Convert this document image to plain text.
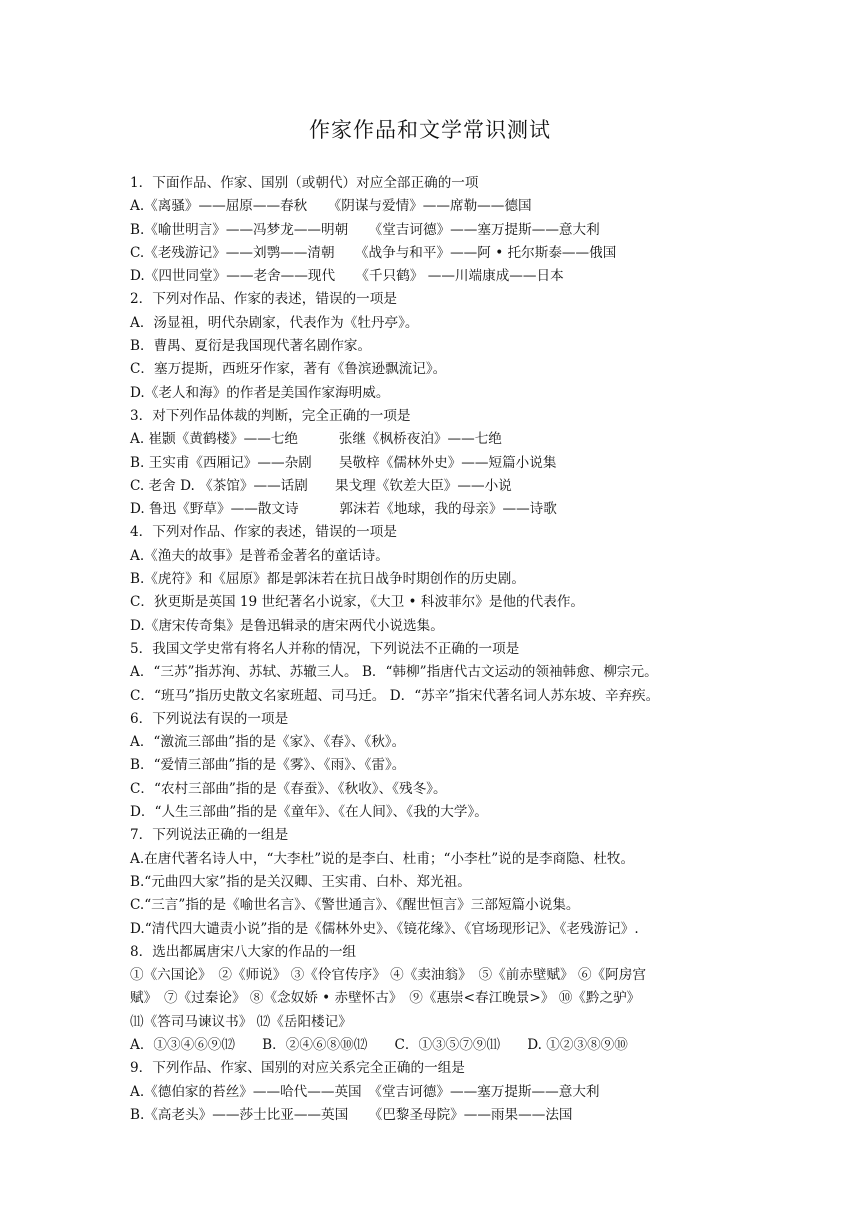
作家作品和文学常识测试
1．下面作品、作家、国别（或朝代）对应全部正确的一项
A.《离骚》——屈原——春秋　　《阴谋与爱情》——席勒——德国
B.《喻世明言》——冯梦龙——明朝　　《堂吉诃德》——塞万提斯——意大利
C.《老残游记》——刘鹗——清朝　　《战争与和平》——阿 • 托尔斯泰——俄国
D.《四世同堂》——老舍——现代　　《千只鹤》 ——川端康成——日本
2．下列对作品、作家的表述，错误的一项是
A．汤显祖，明代杂剧家，代表作为《牡丹亭》。
B．曹禺、夏衍是我国现代著名剧作家。
C．塞万提斯，西班牙作家，著有《鲁滨逊飘流记》。
D.《老人和海》的作者是美国作家海明威。
3．对下列作品体裁的判断，完全正确的一项是
A. 崔颢《黄鹤楼》——七绝　　　张继《枫桥夜泊》——七绝
B. 王实甫《西厢记》——杂剧　　吴敬梓《儒林外史》——短篇小说集
C. 老舍 D. 《茶馆》——话剧　　果戈理《钦差大臣》——小说
D. 鲁迅《野草》——散文诗　　　郭沫若《地球，我的母亲》——诗歌
4．下列对作品、作家的表述，错误的一项是
A.《渔夫的故事》是普希金著名的童话诗。
B.《虎符》和《屈原》都是郭沫若在抗日战争时期创作的历史剧。
C．狄更斯是英国 19 世纪著名小说家，《大卫 • 科波菲尔》是他的代表作。
D.《唐宋传奇集》是鲁迅辑录的唐宋两代小说选集。
5．我国文学史常有将名人并称的情况，下列说法不正确的一项是
A．“三苏”指苏洵、苏轼、苏辙三人。 B．“韩柳”指唐代古文运动的领袖韩愈、柳宗元。
C．“班马”指历史散文名家班超、司马迁。 D．“苏辛”指宋代著名词人苏东坡、辛弃疾。
6．下列说法有误的一项是
A．“激流三部曲”指的是《家》、《春》、《秋》。
B．“爱情三部曲”指的是《雾》、《雨》、《雷》。
C．“农村三部曲”指的是《春蚕》、《秋收》、《残冬》。
D．“人生三部曲”指的是《童年》、《在人间》、《我的大学》。
7．下列说法正确的一组是
A.在唐代著名诗人中，“大李杜”说的是李白、杜甫；“小李杜”说的是李商隐、杜牧。
B.“元曲四大家”指的是关汉卿、王实甫、白朴、郑光祖。
C.“三言”指的是《喻世名言》、《警世通言》、《醒世恒言》三部短篇小说集。
D.“清代四大谴责小说”指的是《儒林外史》、《镜花缘》、《官场现形记》、《老残游记》.
8．选出都属唐宋八大家的作品的一组
①《六国论》　②《师说》 ③《伶官传序》 ④《卖油翁》　⑤《前赤壁赋》 ⑥《阿房宫
赋》　⑦《过秦论》 ⑧《念奴娇 • 赤壁怀古》　⑨《惠崇<春江晚景>》 ⑩《黔之驴》
⑾《答司马谏议书》 ⑿《岳阳楼记》
A．①③④⑥⑨⑿　　B．②④⑥⑧⑩⑿　　C．①③⑤⑦⑨⑾　　D. ①②③⑧⑨⑩
9．下列作品、作家、国别的对应关系完全正确的一组是
A.《德伯家的苔丝》——哈代——英国　《堂吉诃德》——塞万提斯——意大利
B.《高老头》——莎士比亚——英国　　《巴黎圣母院》——雨果——法国
